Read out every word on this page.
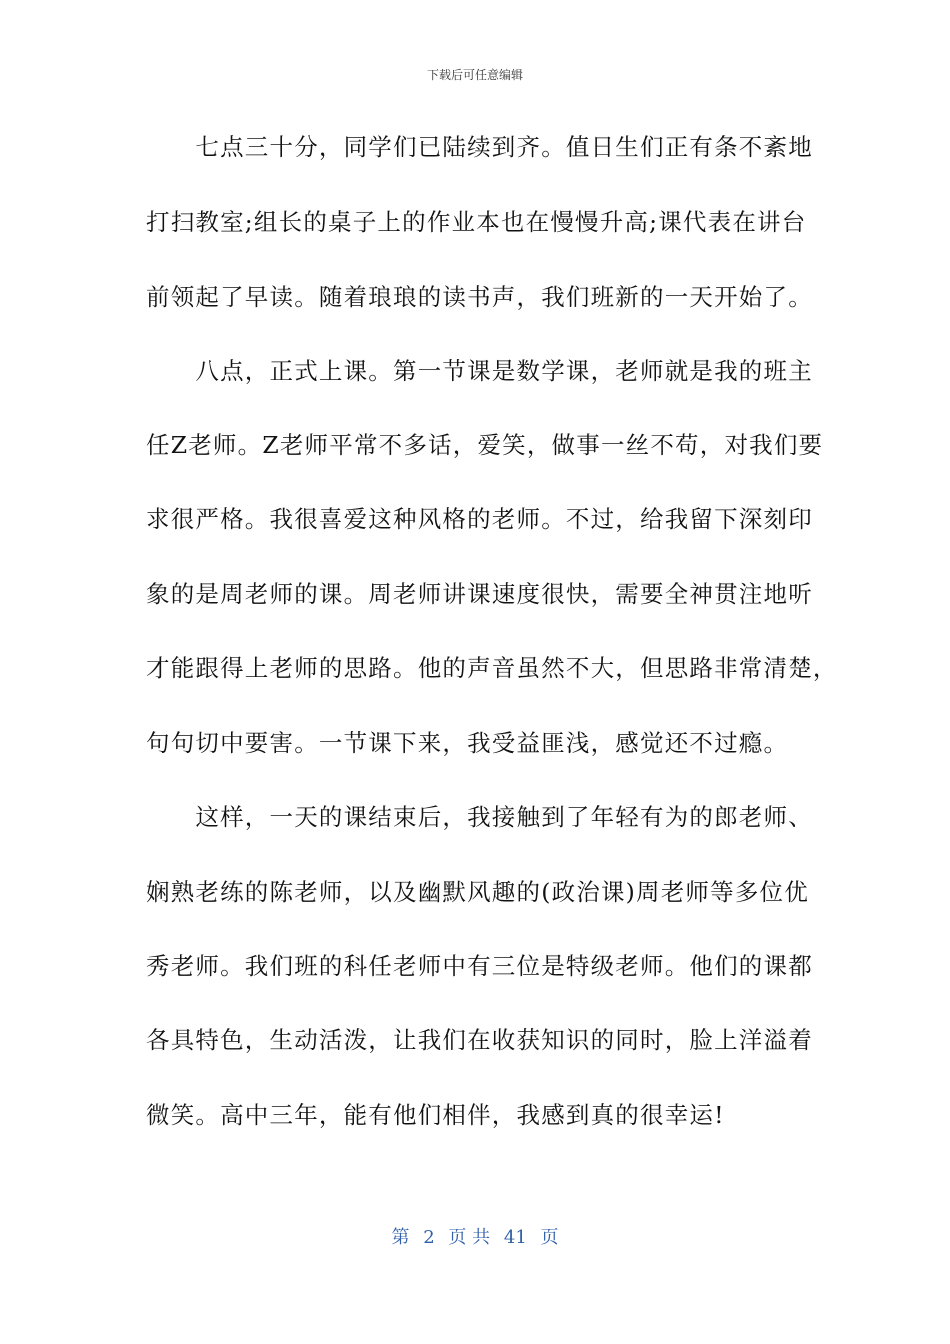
下载后可任意编辑
　　七点三十分，同学们已陆续到齐。值日生们正有条不紊地
打扫教室;组长的桌子上的作业本也在慢慢升高;课代表在讲台
前领起了早读。随着琅琅的读书声，我们班新的一天开始了。
　　八点，正式上课。第一节课是数学课，老师就是我的班主
任Z老师。Z老师平常不多话，爱笑，做事一丝不苟，对我们要
求很严格。我很喜爱这种风格的老师。不过，给我留下深刻印
象的是周老师的课。周老师讲课速度很快，需要全神贯注地听
才能跟得上老师的思路。他的声音虽然不大，但思路非常清楚，
句句切中要害。一节课下来，我受益匪浅，感觉还不过瘾。
　　这样，一天的课结束后，我接触到了年轻有为的郎老师、
娴熟老练的陈老师，以及幽默风趣的(政治课)周老师等多位优
秀老师。我们班的科任老师中有三位是特级老师。他们的课都
各具特色，生动活泼，让我们在收获知识的同时，脸上洋溢着
微笑。高中三年，能有他们相伴，我感到真的很幸运!
第 2 页 共 41 页
